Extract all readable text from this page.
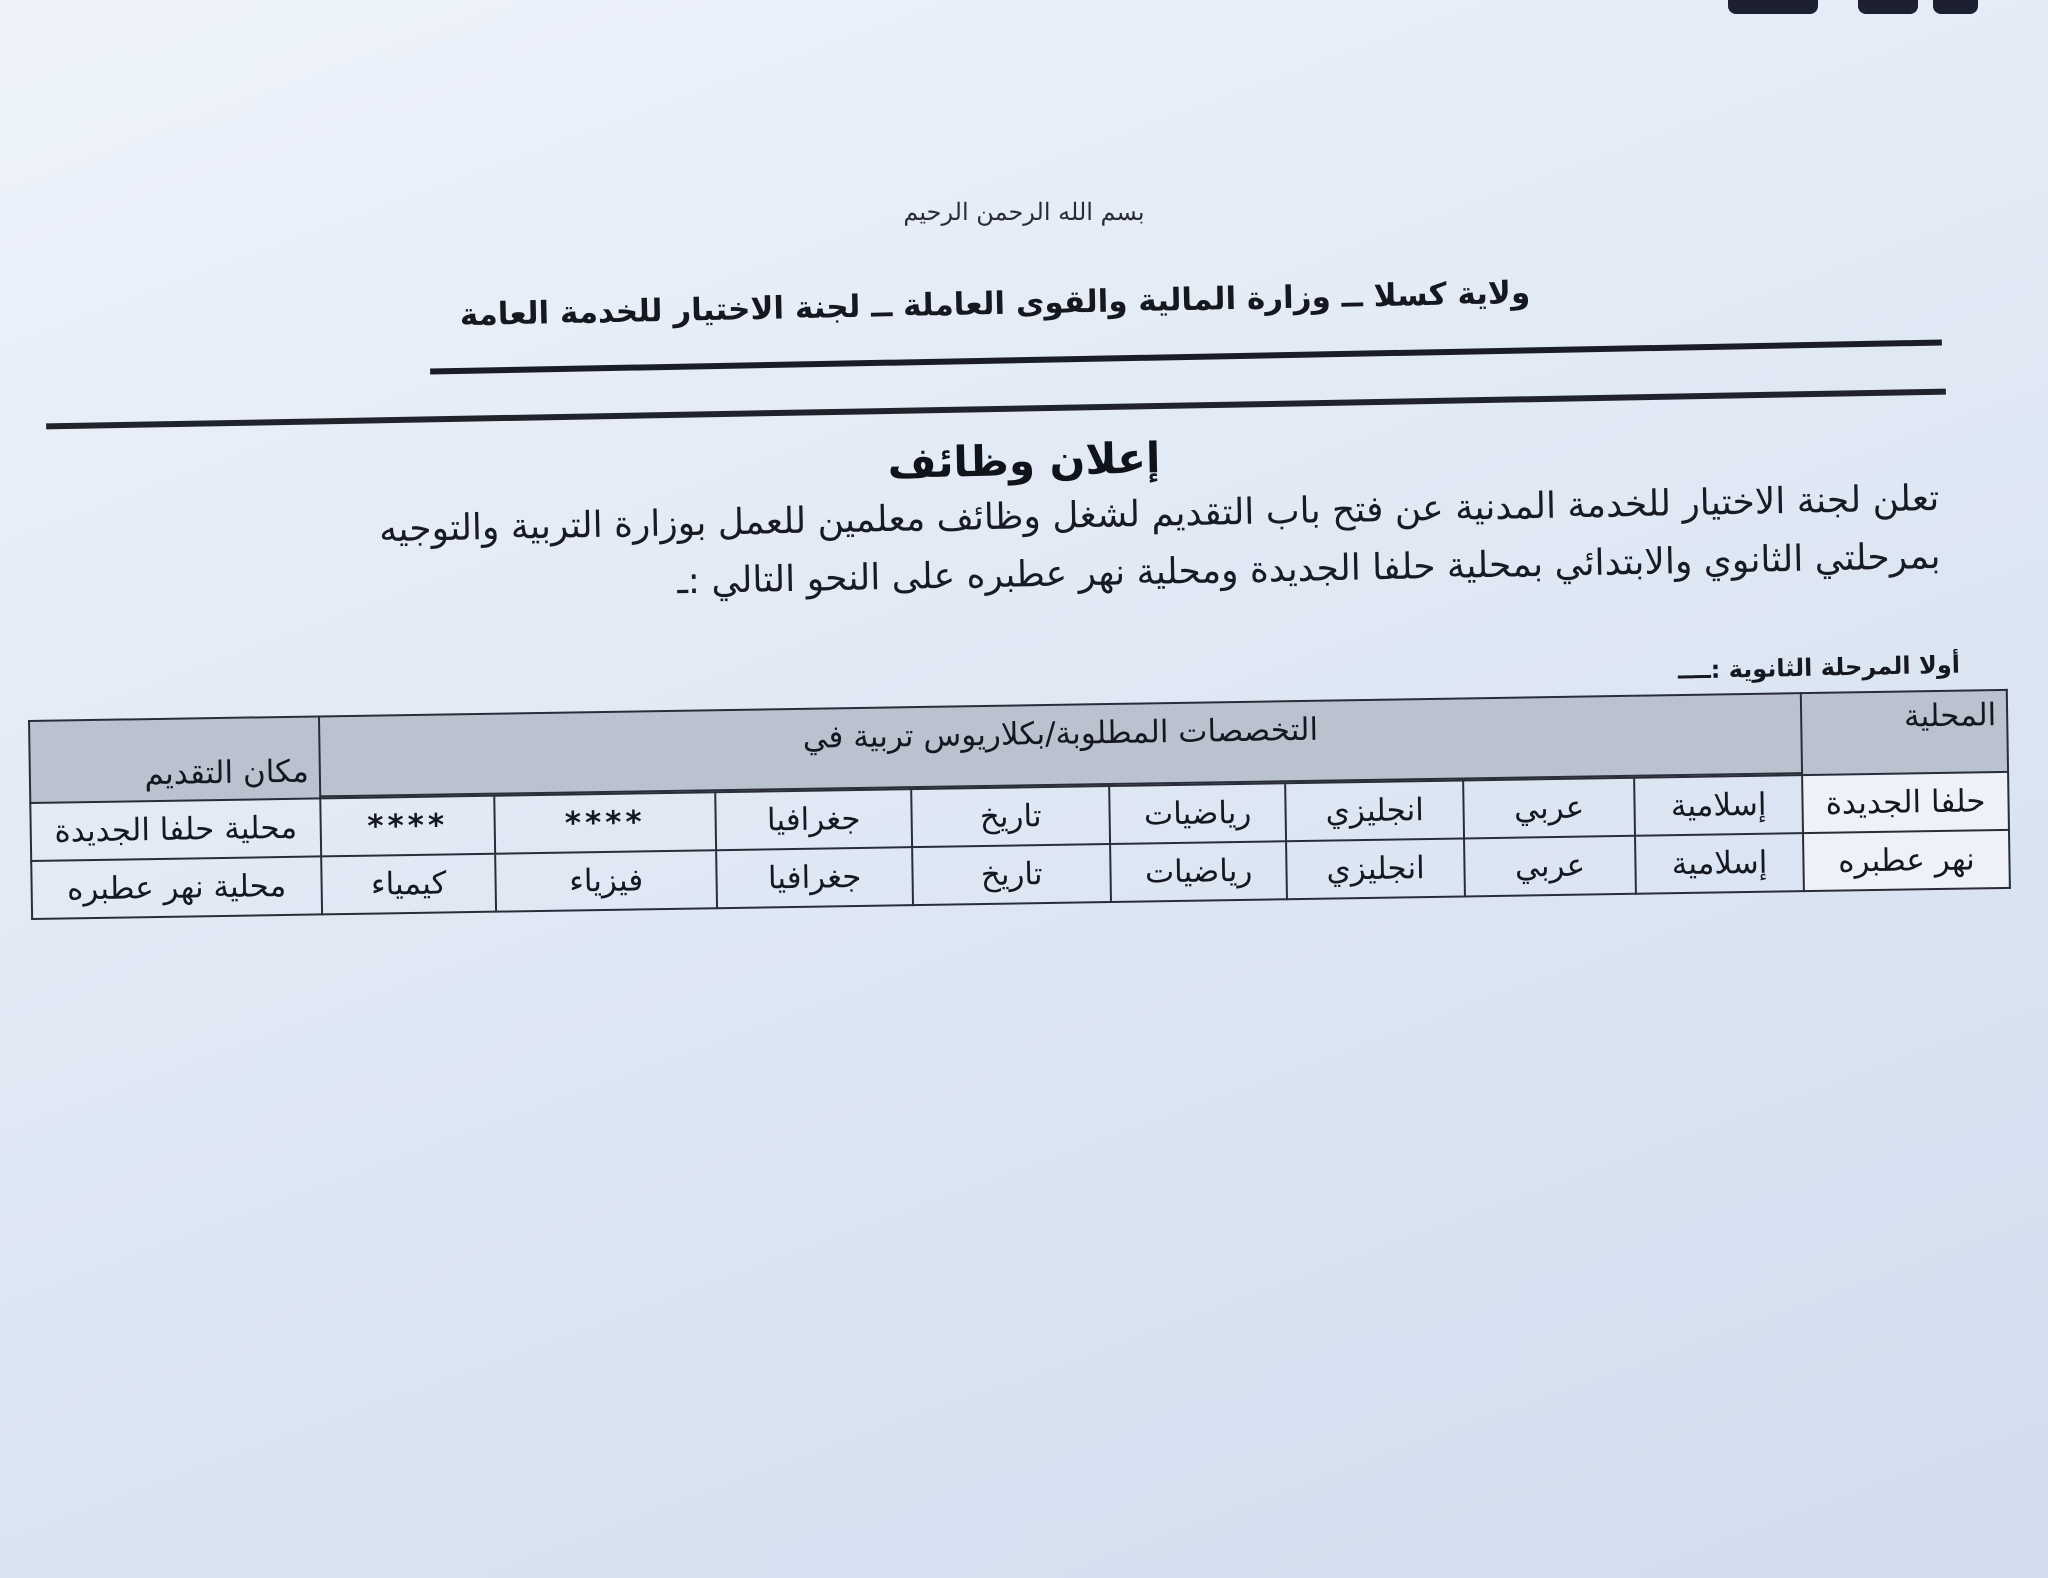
بسم الله الرحمن الرحيم
ولاية كسلا ــ وزارة المالية والقوى العاملة ــ لجنة الاختيار للخدمة العامة
إعلان وظائف

تعلن لجنة الاختيار للخدمة المدنية عن فتح باب التقديم لشغل وظائف معلمين للعمل بوزارة التربية والتوجيه

بمرحلتي الثانوي والابتدائي بمحلية حلفا الجديدة ومحلية نهر عطبره على النحو التالي :ـ

أولا المرحلة الثانوية :ــــ
المحلية	التخصصات المطلوبة/بكلاريوس تربية في								مكان التقديم

حلفا الجديدة	إسلامية	عربي	انجليزي	رياضيات	تاريخ	جغرافيا	****	****	محلية حلفا الجديدة
نهر عطبره	إسلامية	عربي	انجليزي	رياضيات	تاريخ	جغرافيا	فيزياء	كيمياء	محلية نهر عطبره
